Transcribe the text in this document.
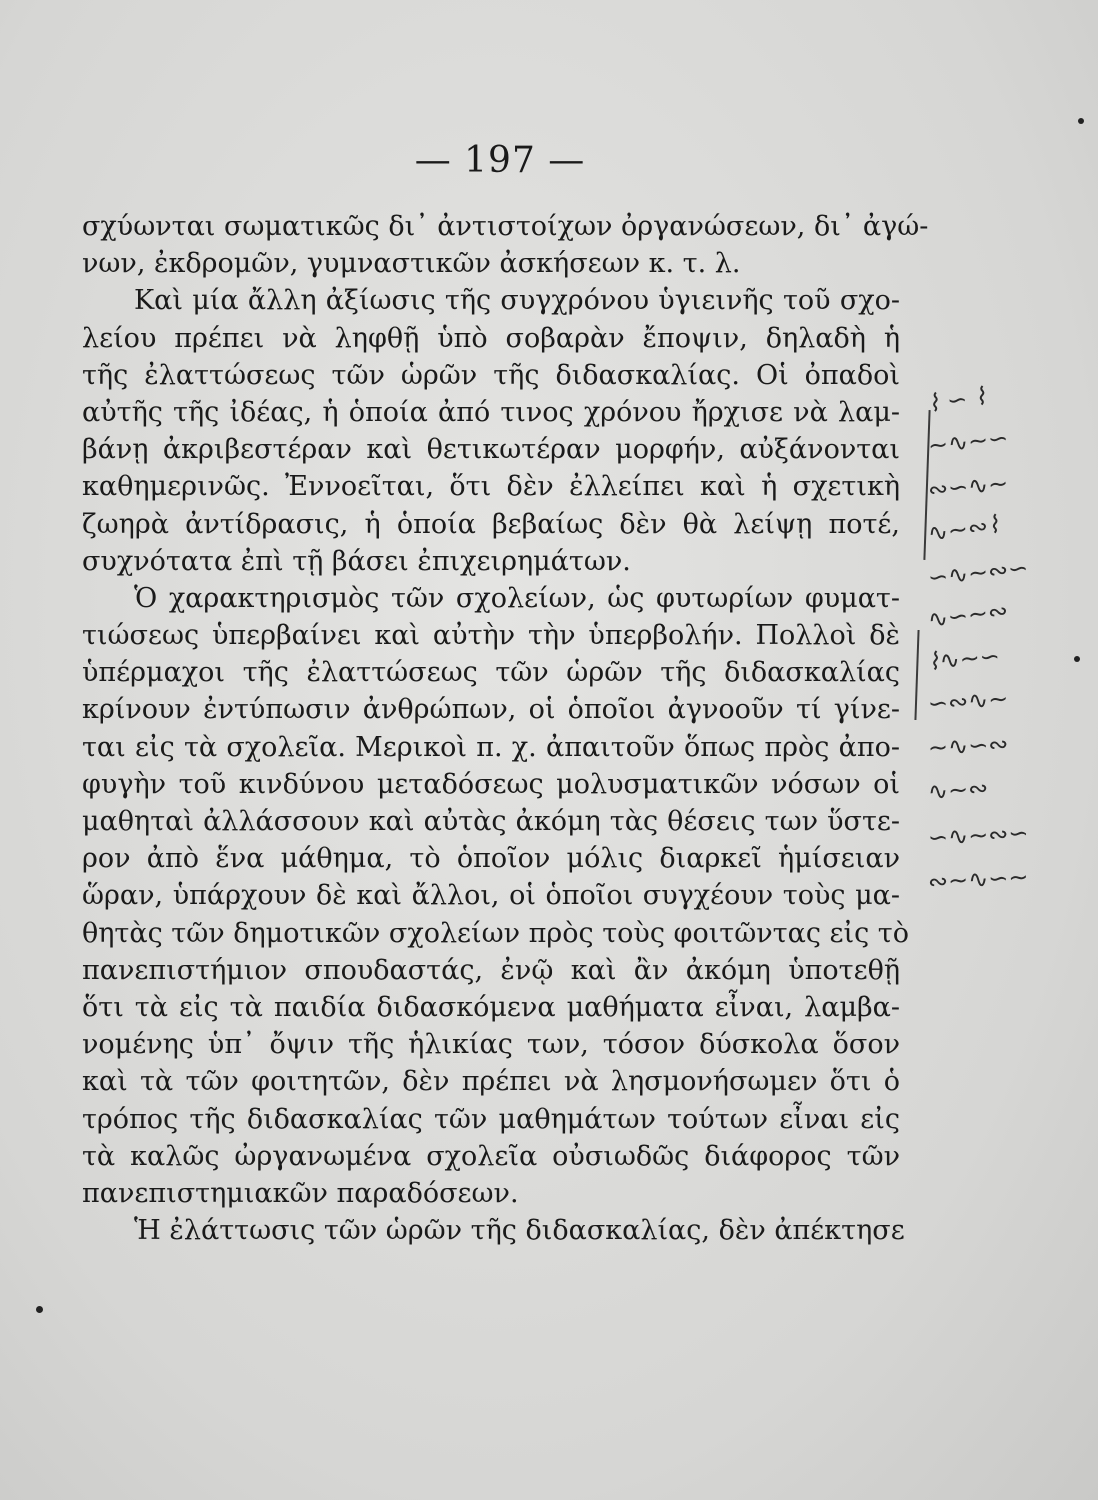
— 197 —
σχύωνται σωματικῶς δι᾽ ἀντιστοίχων ὀργανώσεων, δι᾽ ἀγώ-
νων, ἐκδρομῶν, γυμναστικῶν ἀσκήσεων κ. τ. λ.
Καὶ μία ἄλλη ἀξίωσις τῆς συγχρόνου ὑγιεινῆς τοῦ σχο-
λείου πρέπει νὰ ληφθῇ ὑπὸ σοβαρὰν ἔποψιν, δηλαδὴ ἡ
τῆς ἐλαττώσεως τῶν ὡρῶν τῆς διδασκαλίας. Οἱ ὀπαδοὶ
αὐτῆς τῆς ἰδέας, ἡ ὁποία ἀπό τινος χρόνου ἤρχισε νὰ λαμ-
βάνῃ ἀκριβεστέραν καὶ θετικωτέραν μορφήν, αὐξάνονται
καθημερινῶς. Ἐννοεῖται, ὅτι δὲν ἐλλείπει καὶ ἡ σχετικὴ
ζωηρὰ ἀντίδρασις, ἡ ὁποία βεβαίως δὲν θὰ λείψῃ ποτέ,
συχνότατα ἐπὶ τῇ βάσει ἐπιχειρημάτων.
Ὁ χαρακτηρισμὸς τῶν σχολείων, ὡς φυτωρίων φυματ-
τιώσεως ὑπερβαίνει καὶ αὐτὴν τὴν ὑπερβολήν. Πολλοὶ δὲ
ὑπέρμαχοι τῆς ἐλαττώσεως τῶν ὡρῶν τῆς διδασκαλίας
κρίνουν ἐντύπωσιν ἀνθρώπων, οἱ ὁποῖοι ἀγνοοῦν τί γίνε-
ται εἰς τὰ σχολεῖα. Μερικοὶ π. χ. ἀπαιτοῦν ὅπως πρὸς ἀπο-
φυγὴν τοῦ κινδύνου μεταδόσεως μολυσματικῶν νόσων οἱ
μαθηταὶ ἀλλάσσουν καὶ αὐτὰς ἀκόμη τὰς θέσεις των ὕστε-
ρον ἀπὸ ἕνα μάθημα, τὸ ὁποῖον μόλις διαρκεῖ ἡμίσειαν
ὥραν, ὑπάρχουν δὲ καὶ ἄλλοι, οἱ ὁποῖοι συγχέουν τοὺς μα-
θητὰς τῶν δημοτικῶν σχολείων πρὸς τοὺς φοιτῶντας εἰς τὸ
πανεπιστήμιον σπουδαστάς, ἐνῷ καὶ ἂν ἀκόμη ὑποτεθῇ
ὅτι τὰ εἰς τὰ παιδία διδασκόμενα μαθήματα εἶναι, λαμβα-
νομένης ὑπ᾽ ὄψιν τῆς ἡλικίας των, τόσον δύσκολα ὅσον
καὶ τὰ τῶν φοιτητῶν, δὲν πρέπει νὰ λησμονήσωμεν ὅτι ὁ
τρόπος τῆς διδασκαλίας τῶν μαθημάτων τούτων εἶναι εἰς
τὰ καλῶς ὠργανωμένα σχολεῖα οὐσιωδῶς διάφορος τῶν
πανεπιστημιακῶν παραδόσεων.
Ἡ ἐλάττωσις τῶν ὡρῶν τῆς διδασκαλίας, δὲν ἀπέκτησε
⌇ ∽ ⌇
∼∿∼∽
∾∽∿∼
∿∼∾⌇
∽∿∼∾∽
∿∽∼∾
⌇∿∼∽
∽∾∿∼
∼∿∽∾
∿∼∾
∽∿∼∾∽
∾∼∿∽∼
